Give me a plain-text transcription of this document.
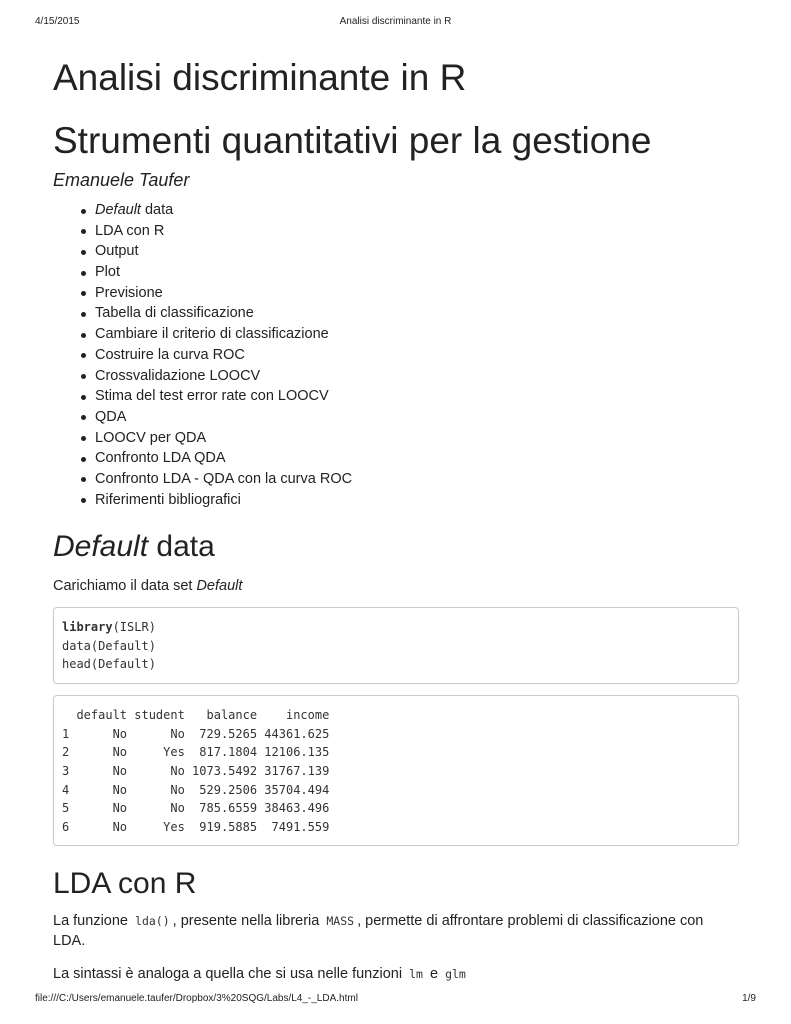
4/15/2015	Analisi discriminante in R
Analisi discriminante in R
Strumenti quantitativi per la gestione

Emanuele Taufer

Default data
LDA con R
Output
Plot
Previsione
Tabella di classificazione
Cambiare il criterio di classificazione
Costruire la curva ROC
Crossvalidazione LOOCV
Stima del test error rate con LOOCV
QDA
LOOCV per QDA
Confronto LDA QDA
Confronto LDA - QDA con la curva ROC
Riferimenti bibliografici
Default data

Carichiamo il data set Default

library(ISLR)
data(Default)
head(Default)
default student   balance    income
1      No      No  729.5265 44361.625
2      No     Yes  817.1804 12106.135
3      No      No 1073.5492 31767.139
4      No      No  529.2506 35704.494
5      No      No  785.6559 38463.496
6      No     Yes  919.5885  7491.559
LDA con R

La funzione lda() , presente nella libreria MASS , permette di affrontare problemi di classificazione con LDA.

La sintassi è analoga a quella che si usa nelle funzioni lm e glm

file:///C:/Users/emanuele.taufer/Dropbox/3%20SQG/Labs/L4_-_LDA.html	1/9
